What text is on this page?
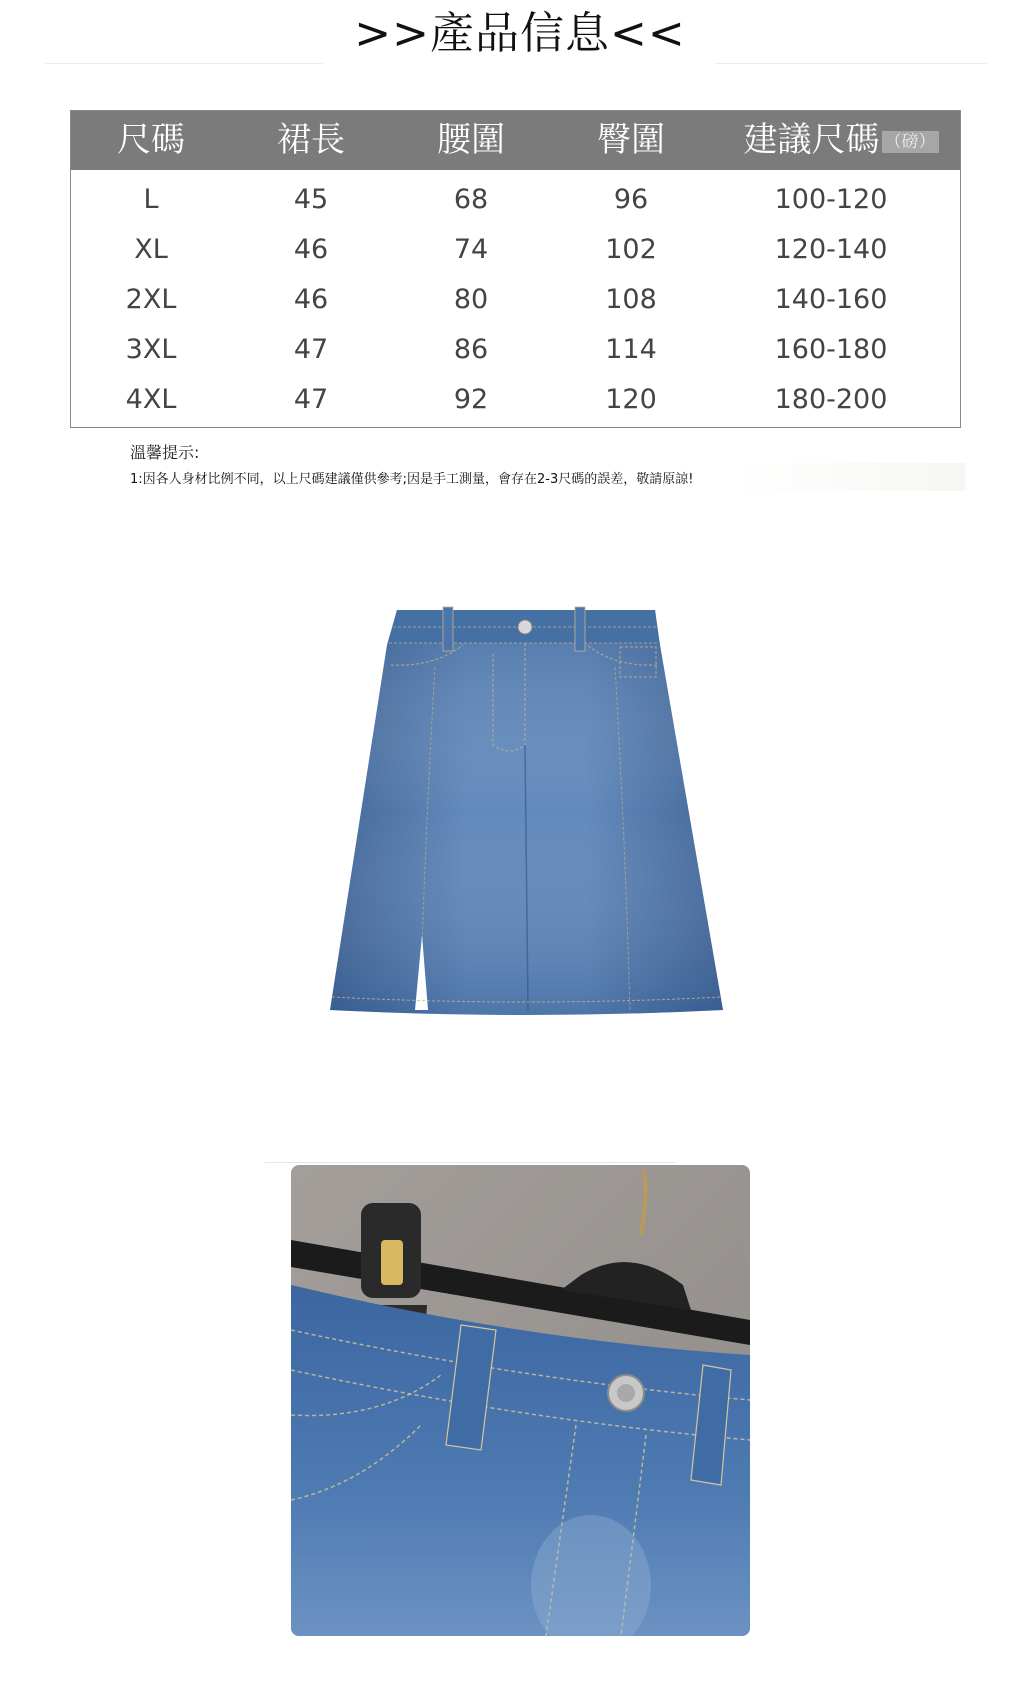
>>產品信息<<
尺碼	裙長	腰圍	臀圍	建議尺碼 （磅）
L	45	68	96	100-120
XL	46	74	102	120-140
2XL	46	80	108	140-160
3XL	47	86	114	160-180
4XL	47	92	120	180-200
溫馨提示:
1:因各人身材比例不同，以上尺碼建議僅供參考;因是手工測量，會存在2-3尺碼的誤差，敬請原諒!
